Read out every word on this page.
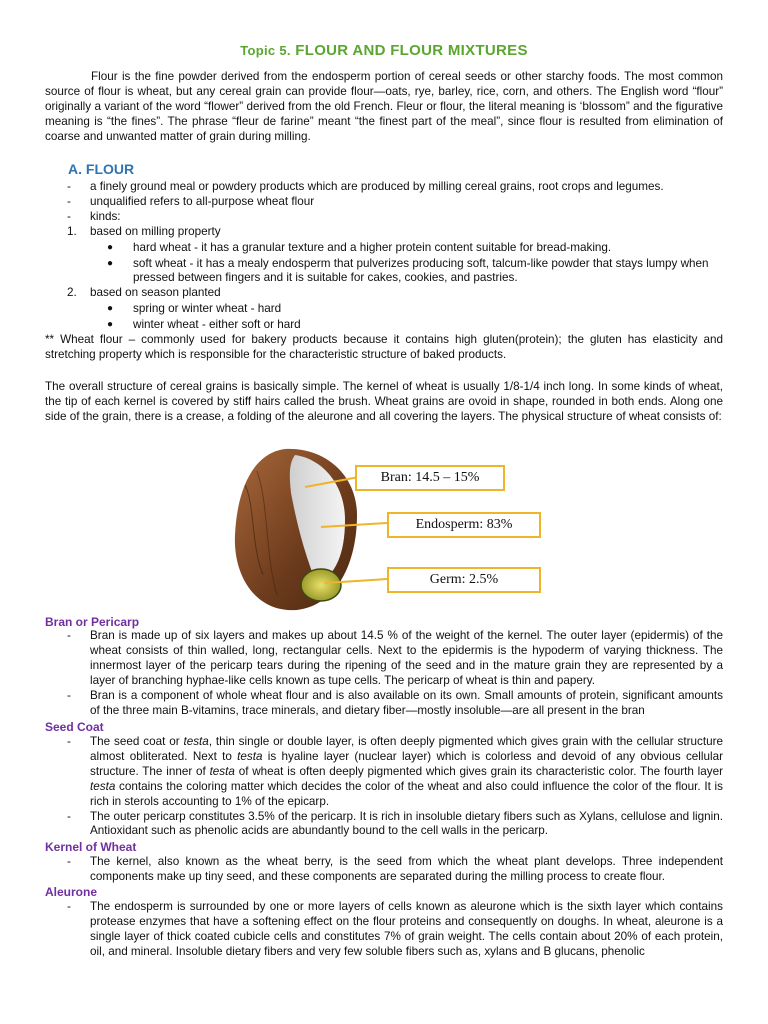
Topic 5. FLOUR AND FLOUR MIXTURES
Flour is the fine powder derived from the endosperm portion of cereal seeds or other starchy foods. The most common source of flour is wheat, but any cereal grain can provide flour—oats, rye, barley, rice, corn, and others. The English word “flour” originally a variant of the word “flower” derived from the old French. Fleur or flour, the literal meaning is ‘blossom” and the figurative meaning is “the fines”. The phrase “fleur de farine” meant “the finest part of the meal”, since flour is resulted from elimination of coarse and unwanted matter of grain during milling.
A. FLOUR
- a finely ground meal or powdery products which are produced by milling cereal grains, root crops and legumes.
- unqualified refers to all-purpose wheat flour
- kinds:
1. based on milling property
● hard wheat - it has a granular texture and a higher protein content suitable for bread-making.
● soft wheat - it has a mealy endosperm that pulverizes producing soft, talcum-like powder that stays lumpy when pressed between fingers and it is suitable for cakes, cookies, and pastries.
2. based on season planted
● spring or winter wheat - hard
● winter wheat - either soft or hard
** Wheat flour – commonly used for bakery products because it contains high gluten(protein); the gluten has elasticity and stretching property which is responsible for the characteristic structure of baked products.
The overall structure of cereal grains is basically simple. The kernel of wheat is usually 1/8-1/4 inch long. In some kinds of wheat, the tip of each kernel is covered by stiff hairs called the brush. Wheat grains are ovoid in shape, rounded in both ends. Along one side of the grain, there is a crease, a folding of the aleurone and all covering the layers. The physical structure of wheat consists of:
Bran: 14.5 – 15%
Endosperm: 83%
Germ: 2.5%
Bran or Pericarp
- Bran is made up of six layers and makes up about 14.5 % of the weight of the kernel. The outer layer (epidermis) of the wheat consists of thin walled, long, rectangular cells. Next to the epidermis is the hypoderm of varying thickness. The innermost layer of the pericarp tears during the ripening of the seed and in the mature grain they are represented by a layer of branching hyphae-like cells known as tupe cells. The pericarp of wheat is thin and papery.
- Bran is a component of whole wheat flour and is also available on its own. Small amounts of protein, significant amounts of the three main B-vitamins, trace minerals, and dietary fiber—mostly insoluble—are all present in the bran
Seed Coat
- The seed coat or testa, thin single or double layer, is often deeply pigmented which gives grain with the cellular structure almost obliterated. Next to testa is hyaline layer (nuclear layer) which is colorless and devoid of any obvious cellular structure. The inner of testa of wheat is often deeply pigmented which gives grain its characteristic color. The fourth layer testa contains the coloring matter which decides the color of the wheat and also could influence the color of the flour. It is rich in sterols accounting to 1% of the epicarp.
- The outer pericarp constitutes 3.5% of the pericarp. It is rich in insoluble dietary fibers such as Xylans, cellulose and lignin. Antioxidant such as phenolic acids are abundantly bound to the cell walls in the pericarp.
Kernel of Wheat
- The kernel, also known as the wheat berry, is the seed from which the wheat plant develops. Three independent components make up tiny seed, and these components are separated during the milling process to create flour.
Aleurone
- The endosperm is surrounded by one or more layers of cells known as aleurone which is the sixth layer which contains protease enzymes that have a softening effect on the flour proteins and consequently on doughs. In wheat, aleurone is a single layer of thick coated cubicle cells and constitutes 7% of grain weight. The cells contain about 20% of each protein, oil, and mineral. Insoluble dietary fibers and very few soluble fibers such as, xylans and B glucans, phenolic
